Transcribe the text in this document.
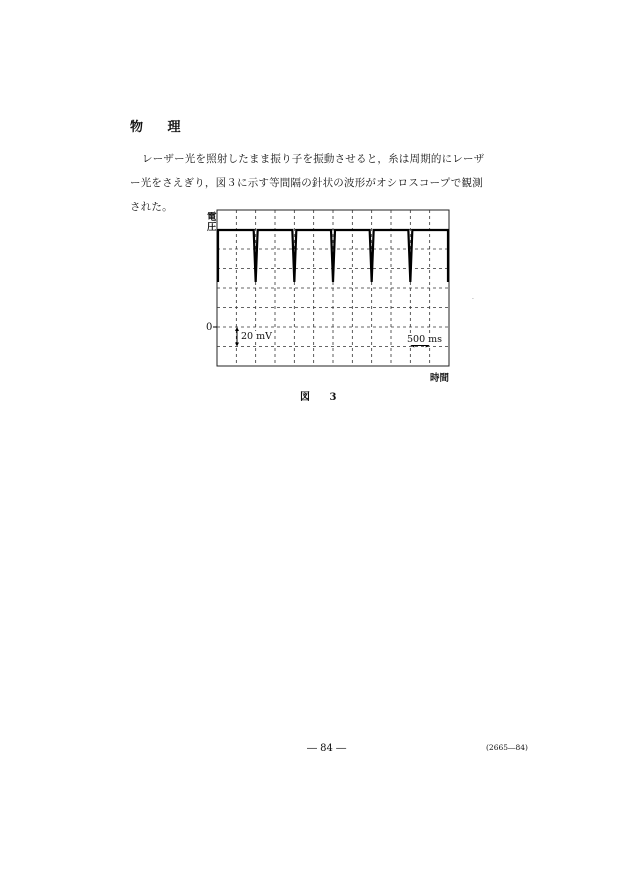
物 理
レーザー光を照射したまま振り子を振動させると，糸は周期的にレーザー光をさえぎり，図３に示す等間隔の針状の波形がオシロスコープで観測された。
電圧
0
20 mV	500 ms
時間
図 3
·
― 84 ―	(2665―84)
